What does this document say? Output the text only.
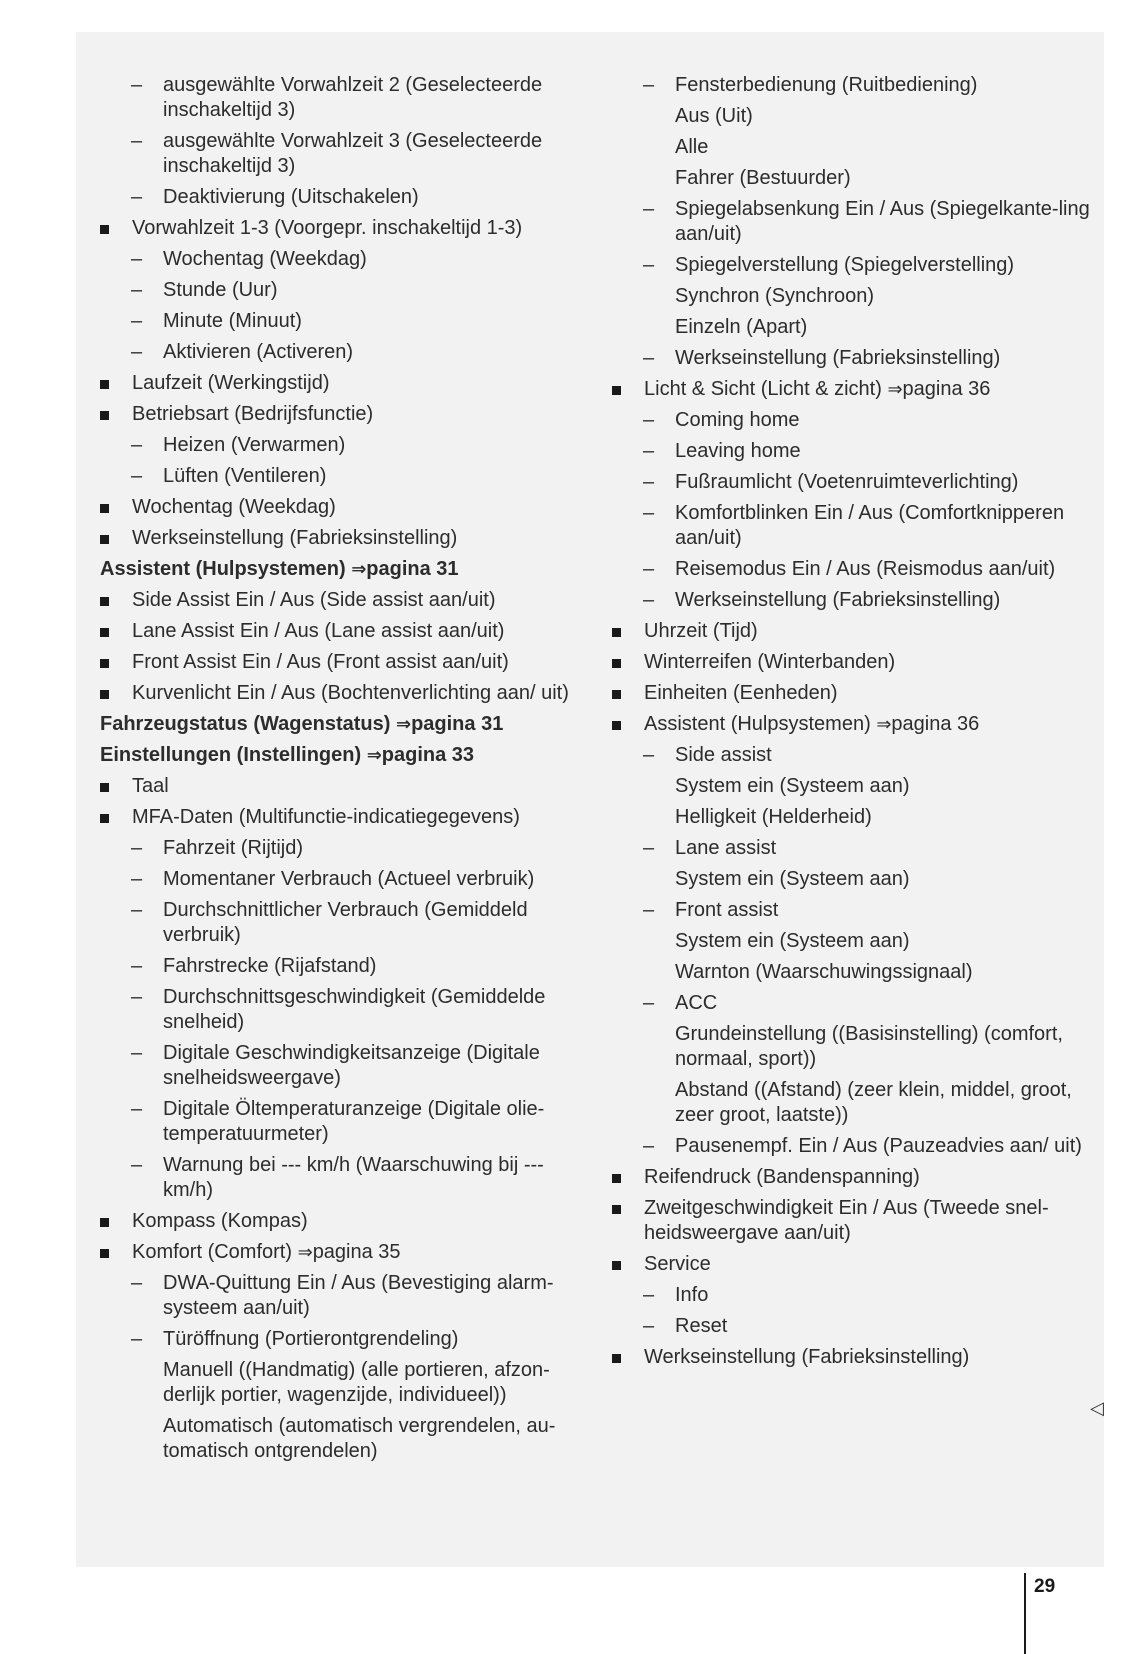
–	ausgewählte Vorwahlzeit 2 (Geselecteerde inschakeltijd 3)
–	ausgewählte Vorwahlzeit 3 (Geselecteerde inschakeltijd 3)
–	Deaktivierung (Uitschakelen)
Vorwahlzeit 1-3 (Voorgepr. inschakeltijd 1-3)
–	Wochentag (Weekdag)
–	Stunde (Uur)
–	Minute (Minuut)
–	Aktivieren (Activeren)
Laufzeit (Werkingstijd)
Betriebsart (Bedrijfsfunctie)
–	Heizen (Verwarmen)
–	Lüften (Ventileren)
Wochentag (Weekdag)
Werkseinstellung (Fabrieksinstelling)
Assistent (Hulpsystemen) ⇒pagina 31
Side Assist Ein / Aus (Side assist aan/uit)
Lane Assist Ein / Aus (Lane assist aan/uit)
Front Assist Ein / Aus (Front assist aan/uit)
Kurvenlicht Ein / Aus (Bochtenverlichting aan/ uit)
Fahrzeugstatus (Wagenstatus) ⇒pagina 31
Einstellungen (Instellingen) ⇒pagina 33
Taal
MFA-Daten (Multifunctie-indicatiegegevens)
–	Fahrzeit (Rijtijd)
–	Momentaner Verbrauch (Actueel verbruik)
–	Durchschnittlicher Verbrauch (Gemiddeld verbruik)
–	Fahrstrecke (Rijafstand)
–	Durchschnittsgeschwindigkeit (Gemiddelde snelheid)
–	Digitale Geschwindigkeitsanzeige (Digitale snelheidsweergave)
–	Digitale Öltemperaturanzeige (Digitale olie-temperatuurmeter)
–	Warnung bei --- km/h (Waarschuwing bij --- km/h)
Kompass (Kompas)
Komfort (Comfort) ⇒pagina 35
–	DWA-Quittung Ein / Aus (Bevestiging alarm-systeem aan/uit)
–	Türöffnung (Portierontgrendeling)
Manuell ((Handmatig) (alle portieren, afzon-derlijk portier, wagenzijde, individueel))
Automatisch (automatisch vergrendelen, au-tomatisch ontgrendelen)
–	Fensterbedienung (Ruitbediening)
Aus (Uit)
Alle
Fahrer (Bestuurder)
–	Spiegelabsenkung Ein / Aus (Spiegelkante-ling aan/uit)
–	Spiegelverstellung (Spiegelverstelling)
Synchron (Synchroon)
Einzeln (Apart)
–	Werkseinstellung (Fabrieksinstelling)
Licht & Sicht (Licht & zicht) ⇒pagina 36
–	Coming home
–	Leaving home
–	Fußraumlicht (Voetenruimteverlichting)
–	Komfortblinken Ein / Aus (Comfortknipperen aan/uit)
–	Reisemodus Ein / Aus (Reismodus aan/uit)
–	Werkseinstellung (Fabrieksinstelling)
Uhrzeit (Tijd)
Winterreifen (Winterbanden)
Einheiten (Eenheden)
Assistent (Hulpsystemen) ⇒pagina 36
–	Side assist
System ein (Systeem aan)
Helligkeit (Helderheid)
–	Lane assist
System ein (Systeem aan)
–	Front assist
System ein (Systeem aan)
Warnton (Waarschuwingssignaal)
–	ACC
Grundeinstellung ((Basisinstelling) (comfort, normaal, sport))
Abstand ((Afstand) (zeer klein, middel, groot, zeer groot, laatste))
–	Pausenempf. Ein / Aus (Pauzeadvies aan/ uit)
Reifendruck (Bandenspanning)
Zweitgeschwindigkeit Ein / Aus (Tweede snel-heidsweergave aan/uit)
Service
–	Info
–	Reset
Werkseinstellung (Fabrieksinstelling)
◁
29
